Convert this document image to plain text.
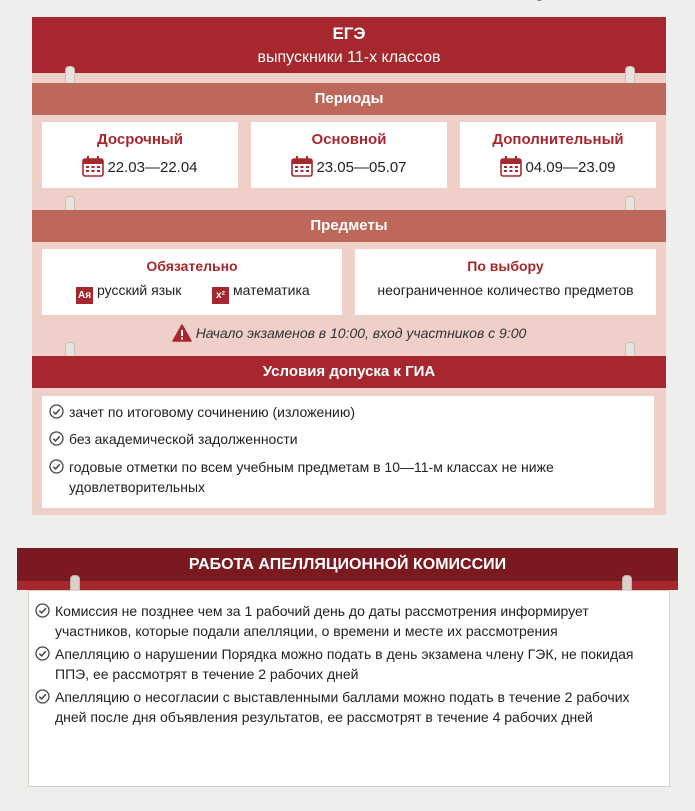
ЕГЭ
выпускники 11-х классов
Периоды
Досрочный
22.03—22.04
Основной
23.05—05.07
Дополнительный
04.09—23.09
Предметы
Обязательно
Ая русский язык	x² математика
По выбору
неограниченное количество предметов
Начало экзаменов в 10:00, вход участников с 9:00
Условия допуска к ГИА
зачет по итоговому сочинению (изложению)
без академической задолженности
годовые отметки по всем учебным предметам в 10—11-м классах не ниже удовлетворительных
РАБОТА АПЕЛЛЯЦИОННОЙ КОМИССИИ
Комиссия не позднее чем за 1 рабочий день до даты рассмотрения информирует участников, которые подали апелляции, о времени и месте их рассмотрения
Апелляцию о нарушении Порядка можно подать в день экзамена члену ГЭК, не покидая ППЭ, ее рассмотрят в течение 2 рабочих дней
Апелляцию о несогласии с выставленными баллами можно подать в течение 2 рабочих дней после дня объявления результатов, ее рассмотрят в течение 4 рабочих дней
